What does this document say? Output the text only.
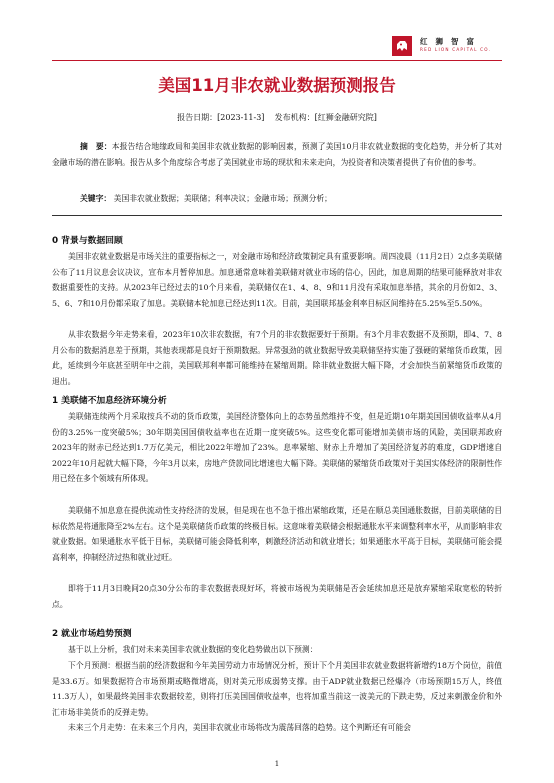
红狮智富
RED LION CAPITAL CO.
美国11月非农就业数据预测报告
报告日期：[2023-11-3] 发布机构：[红狮金融研究院]
摘　要：本报告结合地缘政局和美国非农就业数据的影响因素，预测了美国10月非农就业数据的变化趋势，并分析了其对金融市场的潜在影响。报告从多个角度综合考虑了美国就业市场的现状和未来走向，为投资者和决策者提供了有价值的参考。
关键字： 美国非农就业数据；美联储；利率决议；金融市场；预测分析；
0 背景与数据回顾

美国非农就业数据是市场关注的重要指标之一，对金融市场和经济政策制定具有重要影响。周四凌晨（11月2日）2点多美联储公布了11月议息会议决议，宣布本月暂停加息。加息通常意味着美联储对就业市场的信心，因此，加息周期的结果可能释放对非农数据重要性的支持。从2023年已经过去的10个月来看，美联储仅在1、4、8、9和11月没有采取加息举措，其余的月份如2、3、5、6、7和10月份都采取了加息。美联储本轮加息已经达到11次。目前，美国联邦基金利率目标区间维持在5.25%至5.50%。

从非农数据今年走势来看，2023年10次非农数据，有7个月的非农数据要好于预期。有3个月非农数据不及预期，即4、7、8月公布的数据消息差于预期，其他表现都是良好于预期数据。异常强劲的就业数据导致美联储坚持实施了强硬的紧缩货币政策，因此，延续到今年底甚至明年中之前，美国联邦利率都可能维持在紧缩周期。除非就业数据大幅下降，才会加快当前紧缩货币政策的退出。

1 美联储不加息经济环境分析

美联储连续两个月采取按兵不动的货币政策，美国经济整体向上的态势虽然维持不变，但是近期10年期美国国债收益率从4月份的3.25%一度突破5%；30年期美国国债收益率也在近期一度突破5%。这些变化都可能增加美债市场的风险，美国联邦政府2023年的财赤已经达到1.7万亿美元，相比2022年增加了23%。息率紧缩、财赤上升增加了美国经济复苏的难度，GDP增速自2022年10月起就大幅下降，今年3月以来，房地产贷款同比增速也大幅下降。美联储的紧缩货币政策对于美国实体经济的限制性作用已经在多个领域有所体现。

美联储不加息意在提供流动性支持经济的发展，但是现在也不急于推出紧缩政策，还是在顺总美国通胀数据，目前美联储的目标依然是将通胀降至2%左右。这个是美联储货币政策的终极目标。这意味着美联储会根据通胀水平来调整利率水平，从而影响非农就业数据。如果通胀水平低于目标，美联储可能会降低利率，刺激经济活动和就业增长；如果通胀水平高于目标，美联储可能会提高利率，抑制经济过热和就业过旺。

即将于11月3日晚间20点30分公布的非农数据表现好坏，将被市场视为美联储是否会延续加息还是放弃紧缩采取宽松的转折点。

2 就业市场趋势预测

基于以上分析，我们对未来美国非农就业数据的变化趋势做出以下预测：

下个月预测：根据当前的经济数据和今年美国劳动力市场情况分析，预计下个月美国非农就业数据将新增约18万个岗位，前值是33.6万。如果数据符合市场预期或略微增高，则对美元形成弱势支撑。由于ADP就业数据已经爆冷（市场预期15万人，终值11.3万人），如果最终美国非农数据较差，则将打压美国国债收益率，也将加重当前这一波美元的下跌走势，反过来刺激金价和外汇市场非美货币的反弹走势。

未来三个月走势：在未来三个月内，美国非农就业市场将改为震荡回落的趋势。这个判断还有可能会

1
